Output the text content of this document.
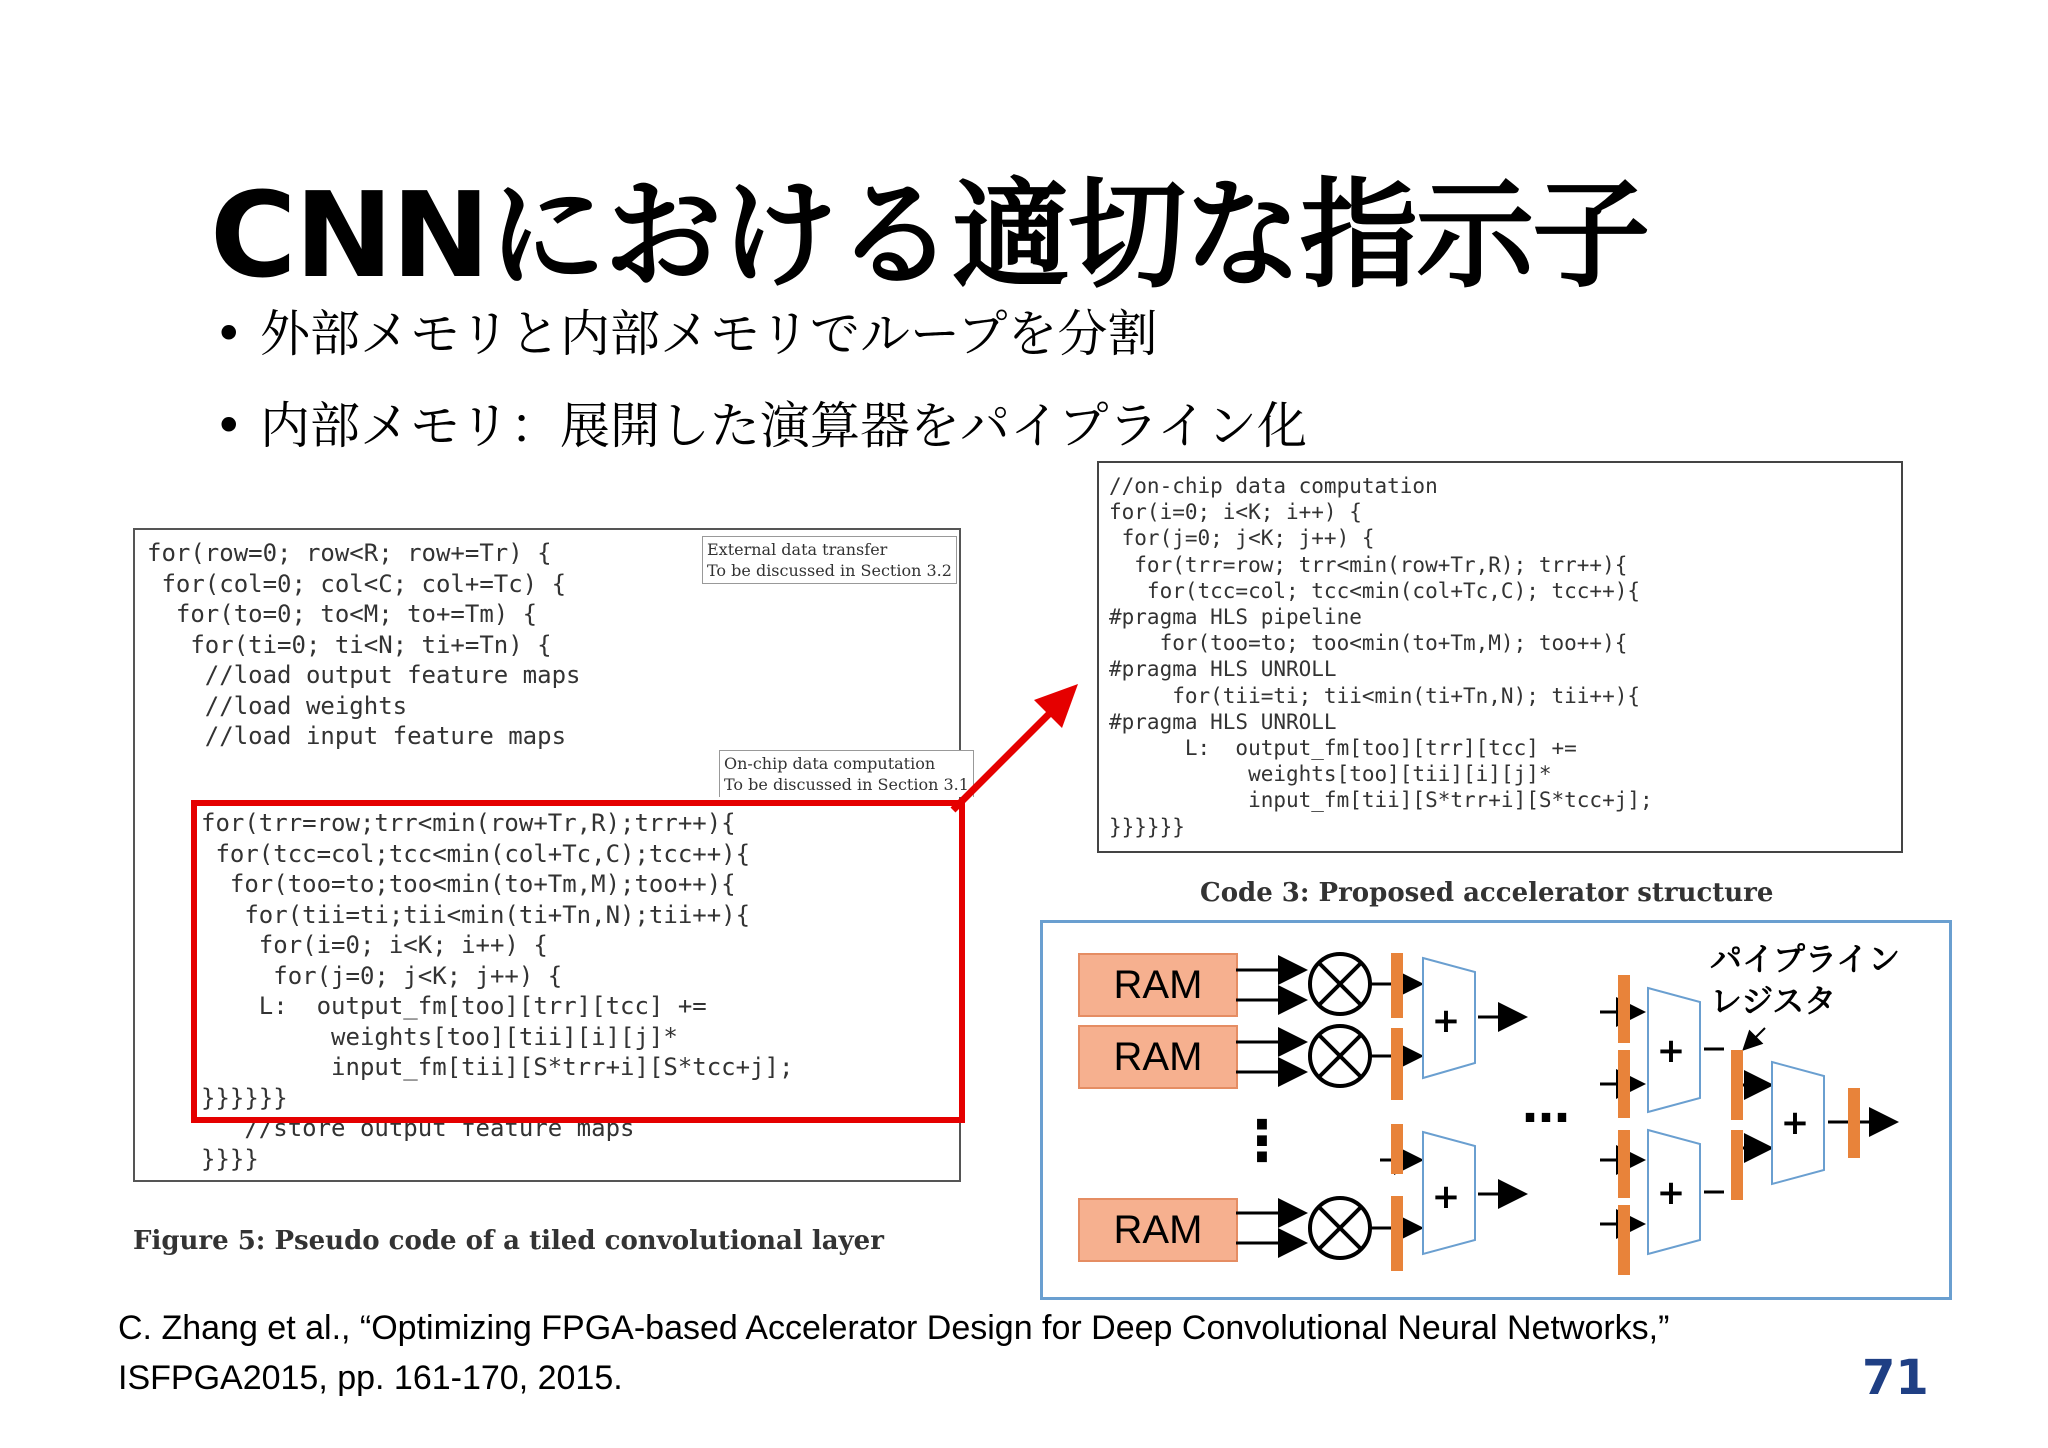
CNNにおける適切な指示子
• 外部メモリと内部メモリでループを分割
• 内部メモリ：展開した演算器をパイプライン化
for(row=0; row<R; row+=Tr) {
for(col=0; col<C; col+=Tc) {
for(to=0; to<M; to+=Tm) {
for(ti=0; ti<N; ti+=Tn) {
//load output feature maps
//load weights
//load input feature maps
for(trr=row;trr<min(row+Tr,R);trr++){
for(tcc=col;tcc<min(col+Tc,C);tcc++){
for(too=to;too<min(to+Tm,M);too++){
for(tii=ti;tii<min(ti+Tn,N);tii++){
for(i=0; i<K; i++) {
for(j=0; j<K; j++) {
L:  output_fm[too][trr][tcc] +=
weights[too][tii][i][j]*
input_fm[tii][S*trr+i][S*tcc+j];
}}}}}}
//store output feature maps
}}}}
External data transfer
To be discussed in Section 3.2
On-chip data computation
To be discussed in Section 3.1
Figure 5: Pseudo code of a tiled convolutional layer
//on-chip data computation
for(i=0; i<K; i++) {
for(j=0; j<K; j++) {
for(trr=row; trr<min(row+Tr,R); trr++){
for(tcc=col; tcc<min(col+Tc,C); tcc++){
#pragma HLS pipeline
for(too=to; too<min(to+Tm,M); too++){
#pragma HLS UNROLL
for(tii=ti; tii<min(ti+Tn,N); tii++){
#pragma HLS UNROLL
L:  output_fm[too][trr][tcc] +=
weights[too][tii][i][j]*
input_fm[tii][S*trr+i][S*tcc+j];
}}}}}}
Code 3: Proposed accelerator structure
RAM
RAM
RAM
パイプライン
レジスタ
+
+
+
+
+
⋮
…
C. Zhang et al., “Optimizing FPGA-based Accelerator Design for Deep Convolutional Neural Networks,”
ISFPGA2015, pp. 161-170, 2015.	71
